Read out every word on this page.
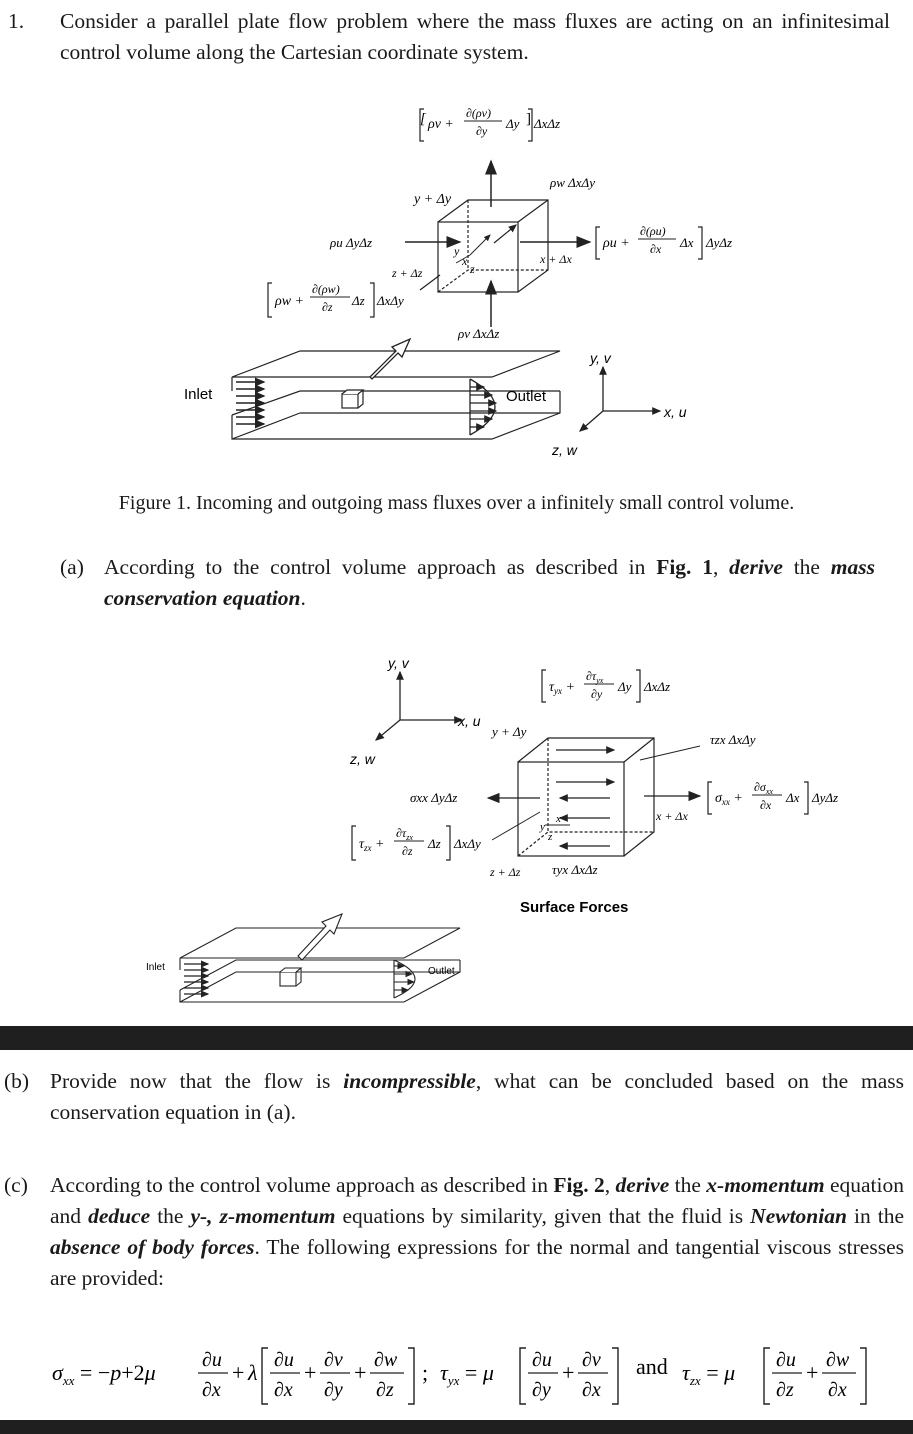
1. Consider a parallel plate flow problem where the mass fluxes are acting on an infinitesimal control volume along the Cartesian coordinate system.
[ ρv +
∂(ρv)
∂y Δy ] ΔxΔz
y + Δy
ρw ΔxΔy
x
y
z
ρu ΔyΔz
x + Δx
ρu +
∂(ρu)
∂x Δx ΔyΔz
z + Δz
ρw +
∂(ρw)
∂z Δz ΔxΔy
ρv ΔxΔz
Inlet	Outlet
y, v
x, u
z, w
Figure 1. Incoming and outgoing mass fluxes over a infinitely small control volume.
(a) According to the control volume approach as described in Fig. 1, derive the mass conservation equation.
y, v
x, u
z, w
$\tau_{yx}$ +
$\partial\tau_{yx}$
∂y Δy ΔxΔz
y + Δy
τzx ΔxΔy
y
x
z
σxx ΔyΔz
x + Δx
$\sigma_{xx}$ +
$\partial\sigma_{xx}$
∂x Δx ΔyΔz
$\tau_{zx}$ +
$\partial\tau_{zx}$
∂z Δz ΔxΔy
z + Δz τyx ΔxΔz
Surface Forces
Inlet	Outlet
(b) Provide now that the flow is incompressible, what can be concluded based on the mass conservation equation in (a).
(c)	According to the control volume approach as described in Fig. 2, derive the x-momentum equation and deduce the y-, z-momentum equations by similarity, given that the fluid is Newtonian in the absence of body forces. The following expressions for the normal and tangential viscous stresses are provided:
$\sigma_{xx} = -p+2\mu$ ∂u
∂x
+ λ ∂u
∂x
+ ∂v
∂y
+ ∂w
∂z
; $\tau_{yx} = \mu$ ∂u
∂y
+ ∂v
∂x
and $\tau_{zx} = \mu$ ∂u
∂z
+ ∂w
∂x
